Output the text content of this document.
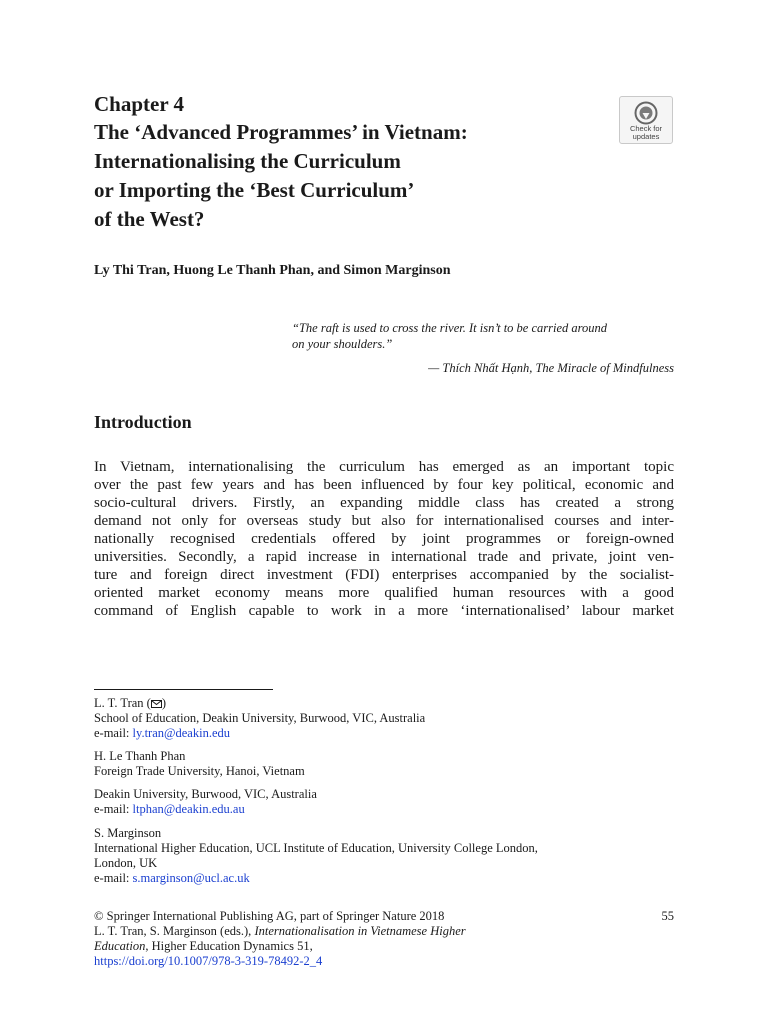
Chapter 4
The ‘Advanced Programmes’ in Vietnam:
Internationalising the Curriculum
or Importing the ‘Best Curriculum’
of the West?
Check for
updates
Ly Thi Tran, Huong Le Thanh Phan, and Simon Marginson
“The raft is used to cross the river. It isn’t to be carried around
on your shoulders.”
— Thích Nhất Hạnh, The Miracle of Mindfulness
Introduction
In Vietnam, internationalising the curriculum has emerged as an important topic
over the past few years and has been influenced by four key political, economic and
socio-cultural drivers. Firstly, an expanding middle class has created a strong
demand not only for overseas study but also for internationalised courses and inter-
nationally recognised credentials offered by joint programmes or foreign-owned
universities. Secondly, a rapid increase in international trade and private, joint ven-
ture and foreign direct investment (FDI) enterprises accompanied by the socialist-
oriented market economy means more qualified human resources with a good
command of English capable to work in a more ‘internationalised’ labour market
L. T. Tran ( )
School of Education, Deakin University, Burwood, VIC, Australia
e-mail: ly.tran@deakin.edu
H. Le Thanh Phan
Foreign Trade University, Hanoi, Vietnam
Deakin University, Burwood, VIC, Australia
e-mail: ltphan@deakin.edu.au
S. Marginson
International Higher Education, UCL Institute of Education, University College London,
London, UK
e-mail: s.marginson@ucl.ac.uk
© Springer International Publishing AG, part of Springer Nature 2018
L. T. Tran, S. Marginson (eds.), Internationalisation in Vietnamese Higher
Education, Higher Education Dynamics 51,
https://doi.org/10.1007/978-3-319-78492-2_4
55
